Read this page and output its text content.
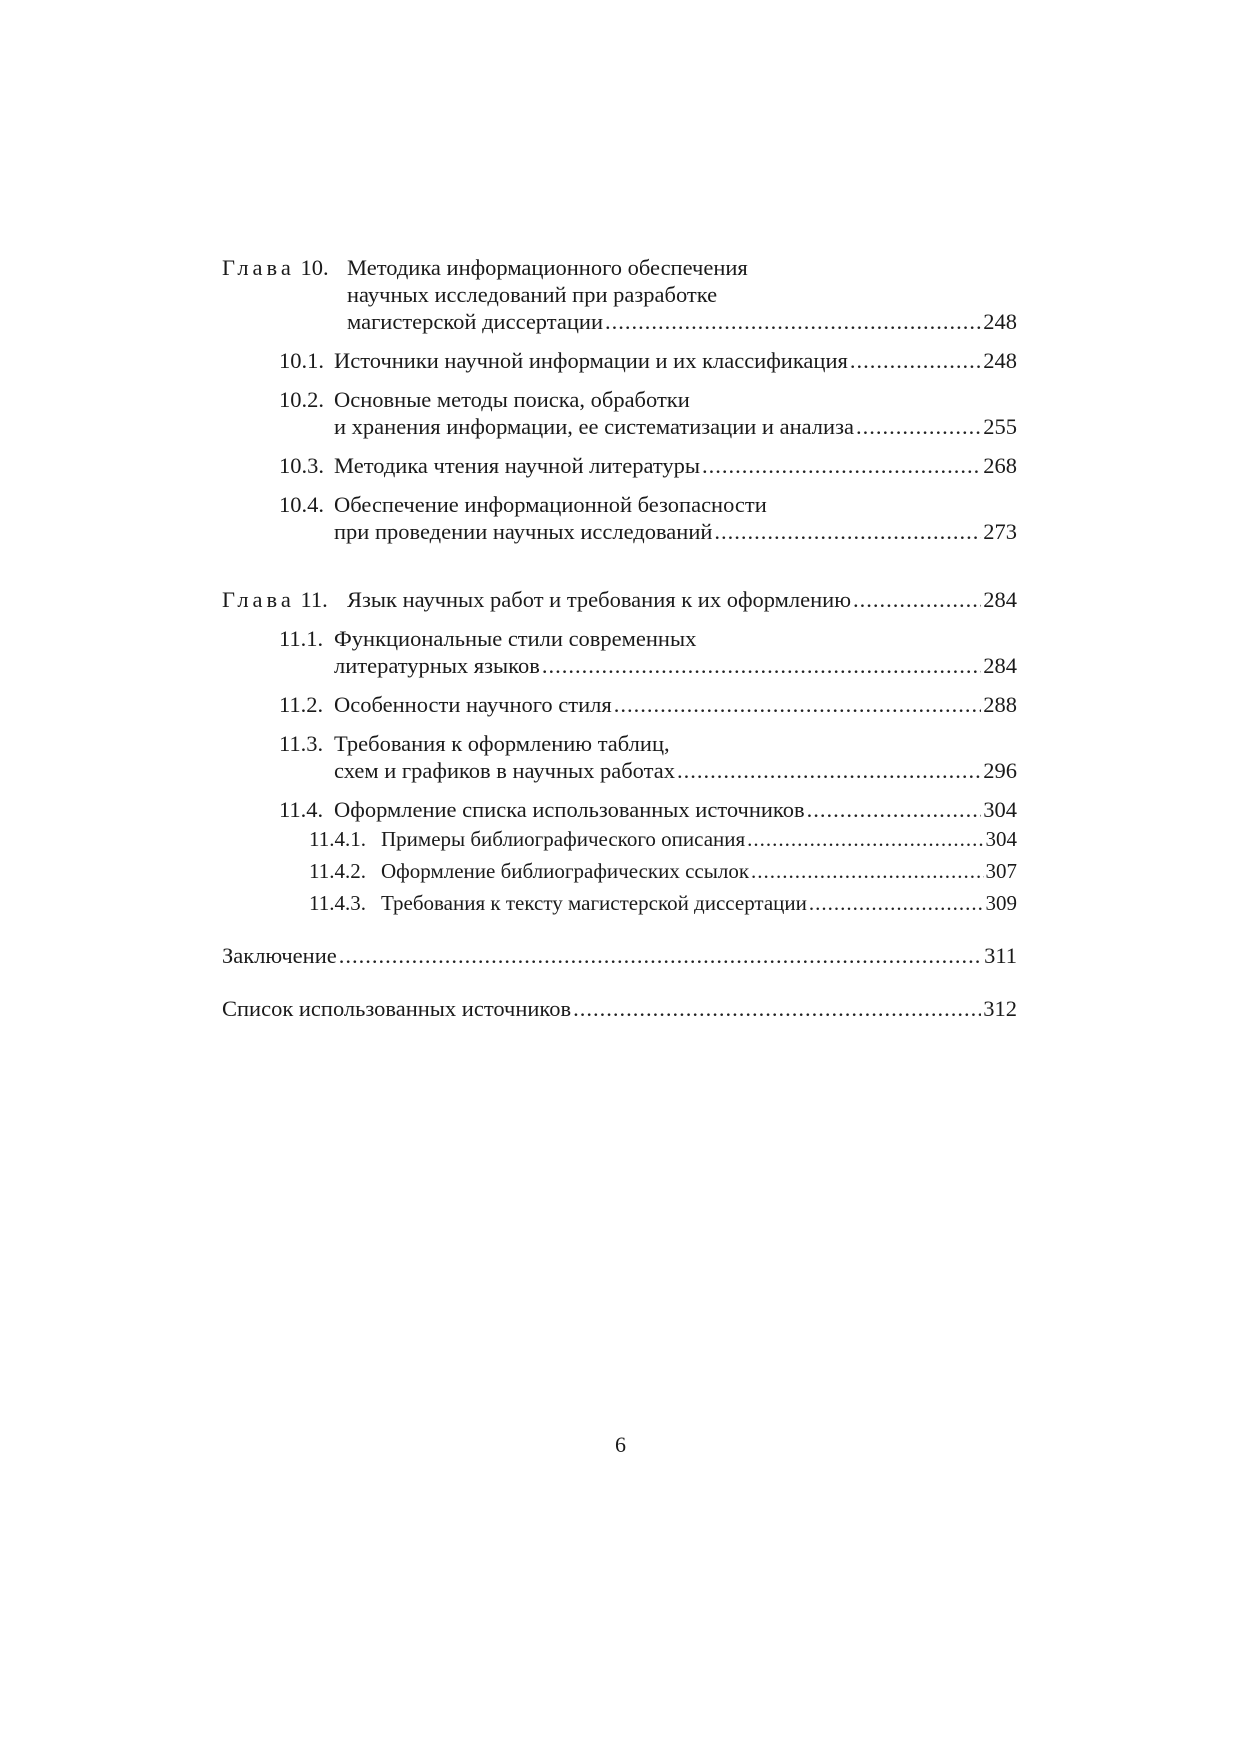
Глава 10. Методика информационного обеспечения
научных исследований при разработке
магистерской диссертации .....	248
10.1. Источники научной информации и их классификация .....	248
10.2. Основные методы поиска, обработки
и хранения информации, ее систематизации и анализа .....	255
10.3. Методика чтения научной литературы .....	268
10.4. Обеспечение информационной безопасности
при проведении научных исследований .....	273
Глава 11. Язык научных работ и требования к их оформлению .....	284
11.1. Функциональные стили современных
литературных языков .....	284
11.2. Особенности научного стиля .....	288
11.3. Требования к оформлению таблиц,
схем и графиков в научных работах .....	296
11.4. Оформление списка использованных источников .....	304
11.4.1. Примеры библиографического описания .....	304
11.4.2. Оформление библиографических ссылок .....	307
11.4.3. Требования к тексту магистерской диссертации .....	309
Заключение .....	311
Список использованных источников .....	312
6
